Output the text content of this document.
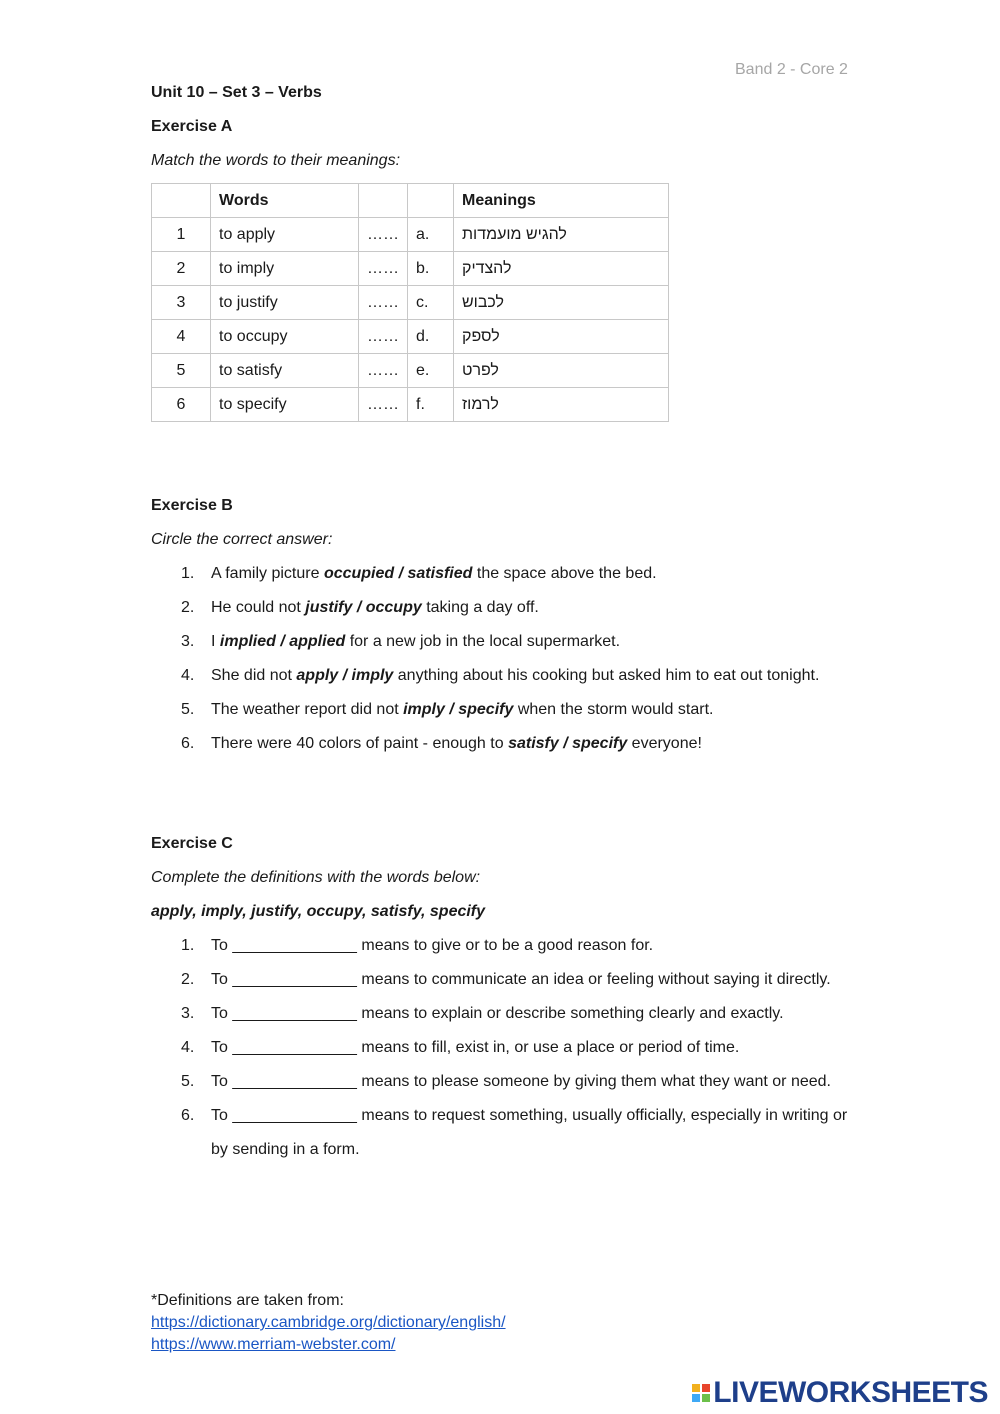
Band 2 - Core 2
Unit 10 – Set 3 – Verbs
Exercise A
Match the words to their meanings:
	Words			Meanings
1	to apply	……	a.	להגיש מועמדות
2	to imply	……	b.	להצדיק
3	to justify	……	c.	לכבוש
4	to occupy	……	d.	לספק
5	to satisfy	……	e.	לפרט
6	to specify	……	f.	לרמוז
Exercise B
Circle the correct answer:
1. A family picture occupied / satisfied the space above the bed.
2. He could not justify / occupy taking a day off.
3. I implied / applied for a new job in the local supermarket.
4. She did not apply / imply anything about his cooking but asked him to eat out tonight.
5. The weather report did not imply / specify when the storm would start.
6. There were 40 colors of paint - enough to satisfy / specify everyone!
Exercise C
Complete the definitions with the words below:
apply, imply, justify, occupy, satisfy, specify
1. To ______________ means to give or to be a good reason for.
2. To ______________ means to communicate an idea or feeling without saying it directly.
3. To ______________ means to explain or describe something clearly and exactly.
4. To ______________ means to fill, exist in, or use a place or period of time.
5. To ______________ means to please someone by giving them what they want or need.
6. To ______________ means to request something, usually officially, especially in writing or by sending in a form.
*Definitions are taken from:
https://dictionary.cambridge.org/dictionary/english/
https://www.merriam-webster.com/
LIVEWORKSHEETS
